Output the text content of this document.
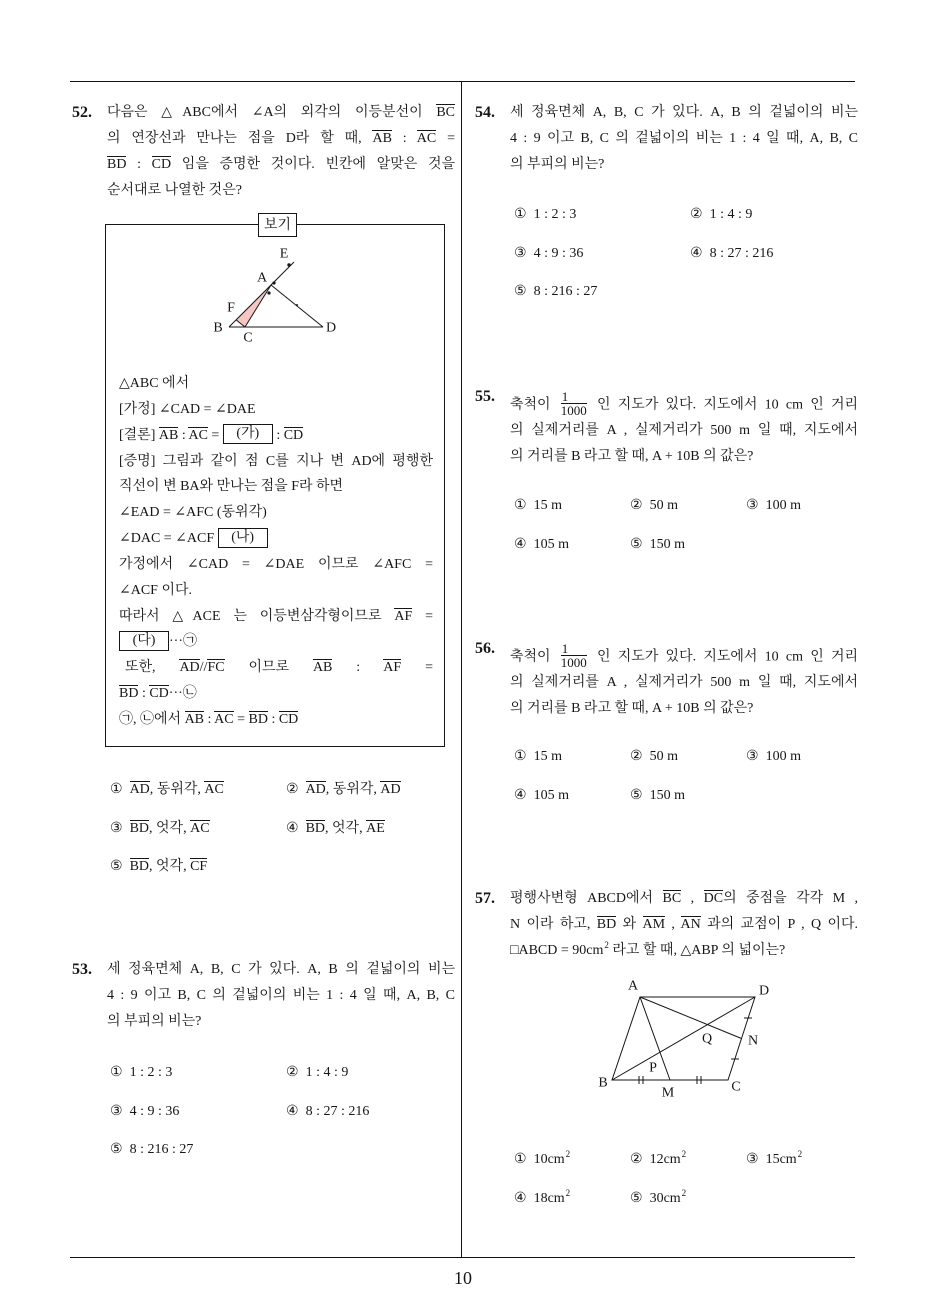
52. 다음은 △ABC에서 ∠A의 외각의 이등분선이 BC
의 연장선과 만나는 점을 D라 할 때, AB : AC =
BD : CD 임을 증명한 것이다. 빈칸에 알맞은 것을
순서대로 나열한 것은?
보기
E
A
F
B
C
D
△ABC 에서
[가정] ∠CAD = ∠DAE
[결론] AB : AC = (가) : CD
[증명] 그림과 같이 점 C를 지나 변 AD에 평행한
직선이 변 BA와 만나는 점을 F라 하면
∠EAD = ∠AFC (동위각)
∠DAC = ∠ACF (나)
가정에서 ∠CAD = ∠DAE 이므로 ∠AFC =
∠ACF 이다.
따라서 △ACE 는 이등변삼각형이므로 AF =
(다) ···㉠
또한, AD//FC 이므로 AB : AF =
BD : CD···㉡
㉠, ㉡에서 AB : AC = BD : CD
① AD, 동위각, AC	② AD, 동위각, AD
③ BD, 엇각, AC	④ BD, 엇각, AE
⑤ BD, 엇각, CF
53. 세 정육면체 A, B, C 가 있다. A, B 의 겉넓이의 비는
4 : 9 이고 B, C 의 겉넓이의 비는 1 : 4 일 때, A, B, C
의 부피의 비는?
① 1 : 2 : 3	② 1 : 4 : 9
③ 4 : 9 : 36	④ 8 : 27 : 216
⑤ 8 : 216 : 27
54. 세 정육면체 A, B, C 가 있다. A, B 의 겉넓이의 비는
4 : 9 이고 B, C 의 겉넓이의 비는 1 : 4 일 때, A, B, C
의 부피의 비는?
① 1 : 2 : 3	② 1 : 4 : 9
③ 4 : 9 : 36	④ 8 : 27 : 216
⑤ 8 : 216 : 27
55.
축척이 $\frac{1}{1000}$ 인 지도가 있다. 지도에서 10 cm 인 거리
의 실제거리를 A , 실제거리가 500 m 일 때, 지도에서
의 거리를 B 라고 할 때, A + 10B 의 값은?
① 15 m	② 50 m	③ 100 m
④ 105 m	⑤ 150 m
56.
축척이 $\frac{1}{1000}$ 인 지도가 있다. 지도에서 10 cm 인 거리
의 실제거리를 A , 실제거리가 500 m 일 때, 지도에서
의 거리를 B 라고 할 때, A + 10B 의 값은?
① 15 m	② 50 m	③ 100 m
④ 105 m	⑤ 150 m
57. 평행사변형 ABCD에서 BC , DC의 중점을 각각 M ,
N 이라 하고, BD 와 AM , AN 과의 교점이 P , Q 이다.
□ABCD = $90cm^2$ 라고 할 때, △ABP 의 넓이는?
A	D
B	C
M
N
P
Q
① $10cm^2$	② $12cm^2$	③ $15cm^2$
④ $18cm^2$	⑤ $30cm^2$
10
